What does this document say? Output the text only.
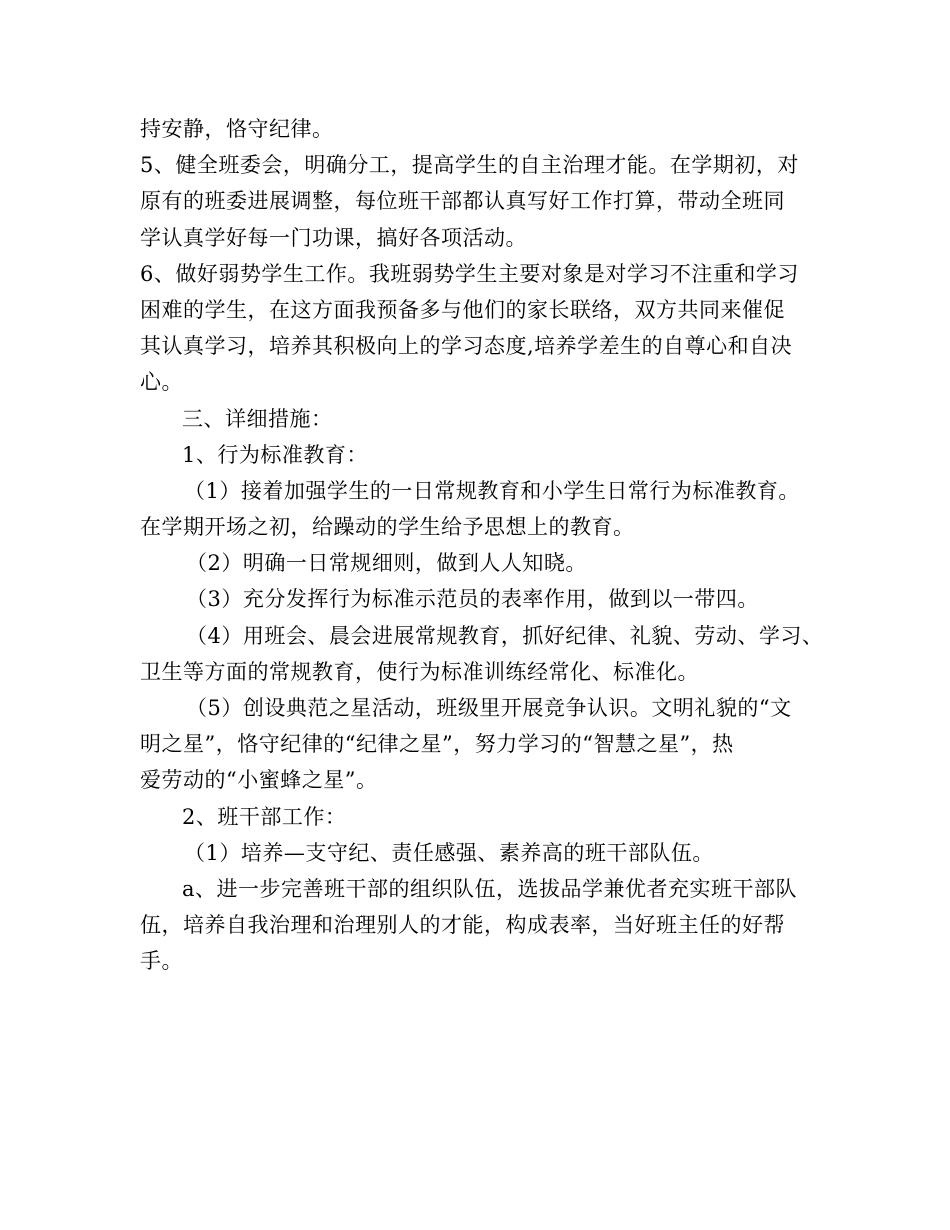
持安静，恪守纪律。
5、健全班委会，明确分工，提高学生的自主治理才能。在学期初，对
原有的班委进展调整，每位班干部都认真写好工作打算，带动全班同
学认真学好每一门功课，搞好各项活动。
6、做好弱势学生工作。我班弱势学生主要对象是对学习不注重和学习
困难的学生，在这方面我预备多与他们的家长联络，双方共同来催促
其认真学习，培养其积极向上的学习态度,培养学差生的自尊心和自决
心。
三、详细措施：
1、行为标准教育：
（1）接着加强学生的一日常规教育和小学生日常行为标准教育。
在学期开场之初，给躁动的学生给予思想上的教育。
（2）明确一日常规细则，做到人人知晓。
（3）充分发挥行为标准示范员的表率作用，做到以一带四。
（4）用班会、晨会进展常规教育，抓好纪律、礼貌、劳动、学习、
卫生等方面的常规教育，使行为标准训练经常化、标准化。
（5）创设典范之星活动，班级里开展竞争认识。文明礼貌的“文
明之星”，恪守纪律的“纪律之星”，努力学习的“智慧之星”，热
爱劳动的“小蜜蜂之星”。
2、班干部工作：
（1）培养—支守纪、责任感强、素养高的班干部队伍。
a、进一步完善班干部的组织队伍，选拔品学兼优者充实班干部队
伍，培养自我治理和治理别人的才能，构成表率，当好班主任的好帮
手。
